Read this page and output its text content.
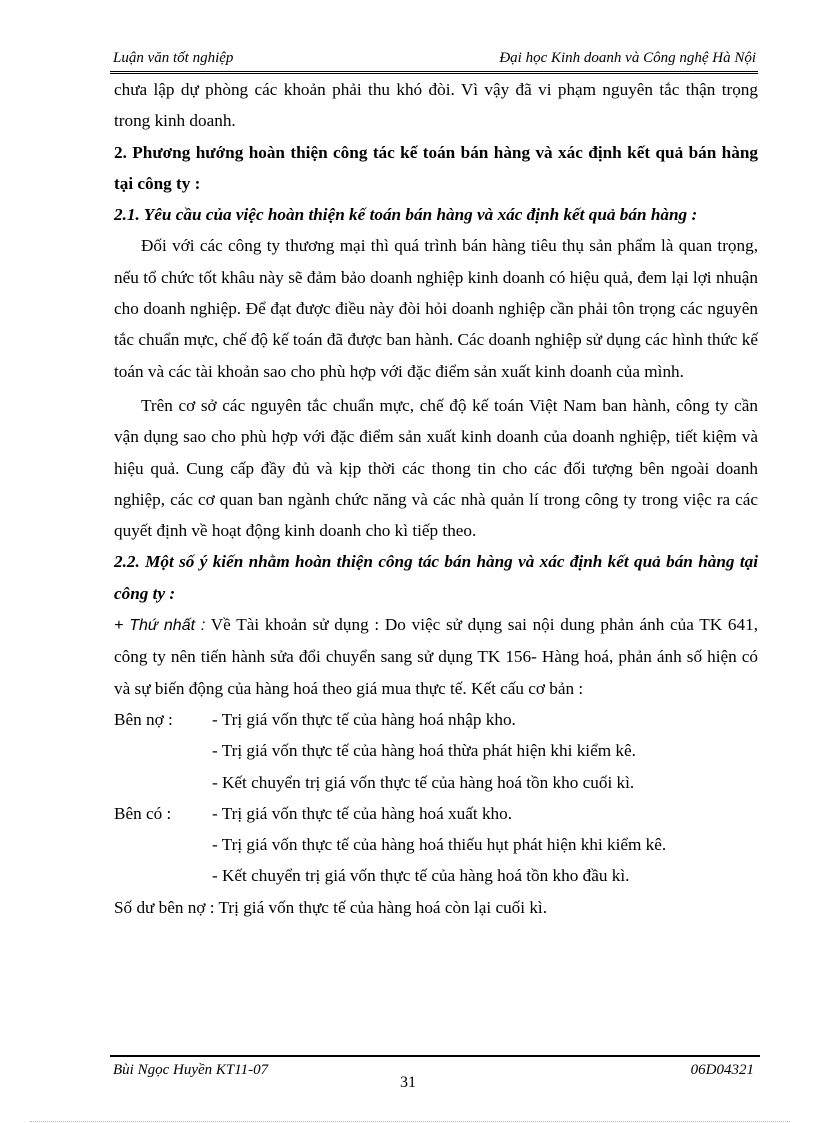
Luận văn tốt nghiệp	Đại học Kinh doanh và Công nghệ Hà Nội

chưa lập dự phòng các khoản phải thu khó đòi. Vì vậy đã vi phạm nguyên tắc thận trọng trong kinh doanh.

2. Phương hướng hoàn thiện công tác kế toán bán hàng và xác định kết quả bán hàng tại công ty :

2.1. Yêu cầu của việc hoàn thiện kế toán bán hàng và xác định kết quả bán hàng :

Đối với các công ty thương mại thì quá trình bán hàng tiêu thụ sản phẩm là quan trọng, nếu tổ chức tốt khâu này sẽ đảm bảo doanh nghiệp kinh doanh có hiệu quả, đem lại lợi nhuận cho doanh nghiệp. Để đạt được điều này đòi hỏi doanh nghiệp cần phải tôn trọng các nguyên tắc chuẩn mực, chế độ kế toán đã được ban hành. Các doanh nghiệp sử dụng các hình thức kế toán và các tài khoản sao cho phù hợp với đặc điểm sản xuất kinh doanh của mình.

Trên cơ sở các nguyên tắc chuẩn mực, chế độ kế toán Việt Nam ban hành, công ty cần vận dụng sao cho phù hợp với đặc điểm sản xuất kinh doanh của doanh nghiệp, tiết kiệm và hiệu quả. Cung cấp đầy đủ và kịp thời các thong tin cho các đối tượng bên ngoài doanh nghiệp, các cơ quan ban ngành chức năng và các nhà quản lí trong công ty trong việc ra các quyết định về hoạt động kinh doanh cho kì tiếp theo.

2.2. Một số ý kiến nhằm hoàn thiện công tác bán hàng và xác định kết quả bán hàng tại công ty :

+ Thứ nhất : Về Tài khoản sử dụng : Do việc sử dụng sai nội dung phản ánh của TK 641, công ty nên tiến hành sửa đổi chuyển sang sử dụng TK 156- Hàng hoá, phản ánh số hiện có và sự biến động của hàng hoá theo giá mua thực tế. Kết cấu cơ bản :

Bên nợ :	- Trị giá vốn thực tế của hàng hoá nhập kho.
- Trị giá vốn thực tế của hàng hoá thừa phát hiện khi kiểm kê.
- Kết chuyển trị giá vốn thực tế của hàng hoá tồn kho cuối kì.
Bên có :	- Trị giá vốn thực tế của hàng hoá xuất kho.
- Trị giá vốn thực tế của hàng hoá thiếu hụt phát hiện khi kiểm kê.
- Kết chuyển trị giá vốn thực tế của hàng hoá tồn kho đầu kì.

Số dư bên nợ : Trị giá vốn thực tế của hàng hoá còn lại cuối kì.

Bùi Ngọc Huyền KT11-07	06D04321
31
